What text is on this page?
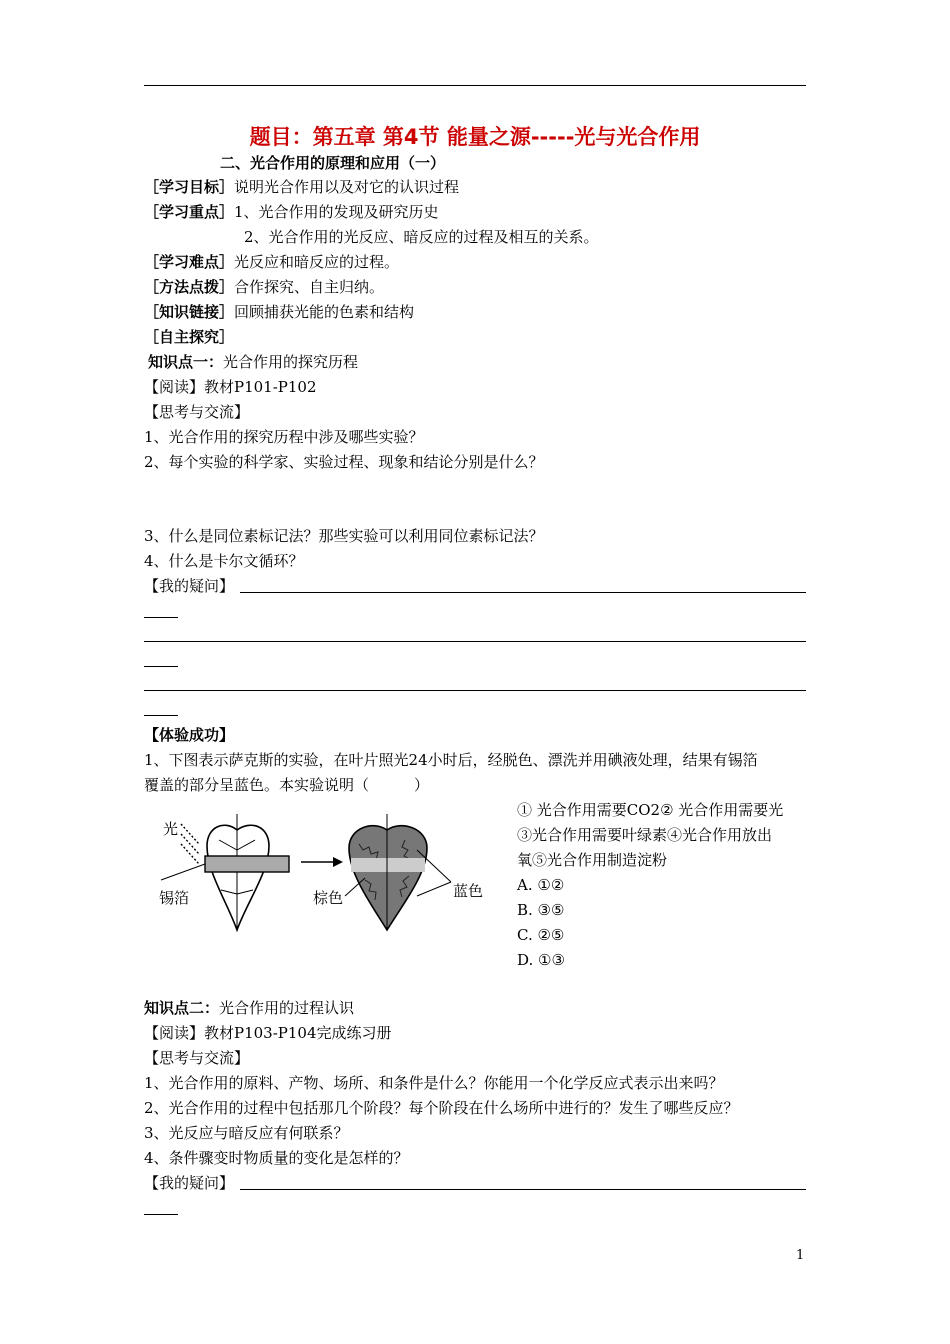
题目：第五章 第4节 能量之源-----光与光合作用
二、光合作用的原理和应用（一）
［学习目标］说明光合作用以及对它的认识过程
［学习重点］1、光合作用的发现及研究历史
2、光合作用的光反应、暗反应的过程及相互的关系。
［学习难点］光反应和暗反应的过程。
［方法点拨］合作探究、自主归纳。
［知识链接］回顾捕获光能的色素和结构
［自主探究］
知识点一：光合作用的探究历程
【阅读】教材P101-P102
【思考与交流】
1、光合作用的探究历程中涉及哪些实验？
2、每个实验的科学家、实验过程、现象和结论分别是什么？
3、什么是同位素标记法？那些实验可以利用同位素标记法？
4、什么是卡尔文循环？
【我的疑问】
【体验成功】
1、下图表示萨克斯的实验，在叶片照光24小时后，经脱色、漂洗并用碘液处理，结果有锡箔
覆盖的部分呈蓝色。本实验说明（　　　）
光
锡箔	棕色	蓝色
① 光合作用需要CO2② 光合作用需要光
③光合作用需要叶绿素④光合作用放出
氧⑤光合作用制造淀粉
A. ①②
B. ③⑤
C. ②⑤
D. ①③
知识点二：光合作用的过程认识
【阅读】教材P103-P104完成练习册
【思考与交流】
1、光合作用的原料、产物、场所、和条件是什么？你能用一个化学反应式表示出来吗？
2、光合作用的过程中包括那几个阶段？每个阶段在什么场所中进行的？发生了哪些反应？
3、光反应与暗反应有何联系？
4、条件骤变时物质量的变化是怎样的？
【我的疑问】
1
